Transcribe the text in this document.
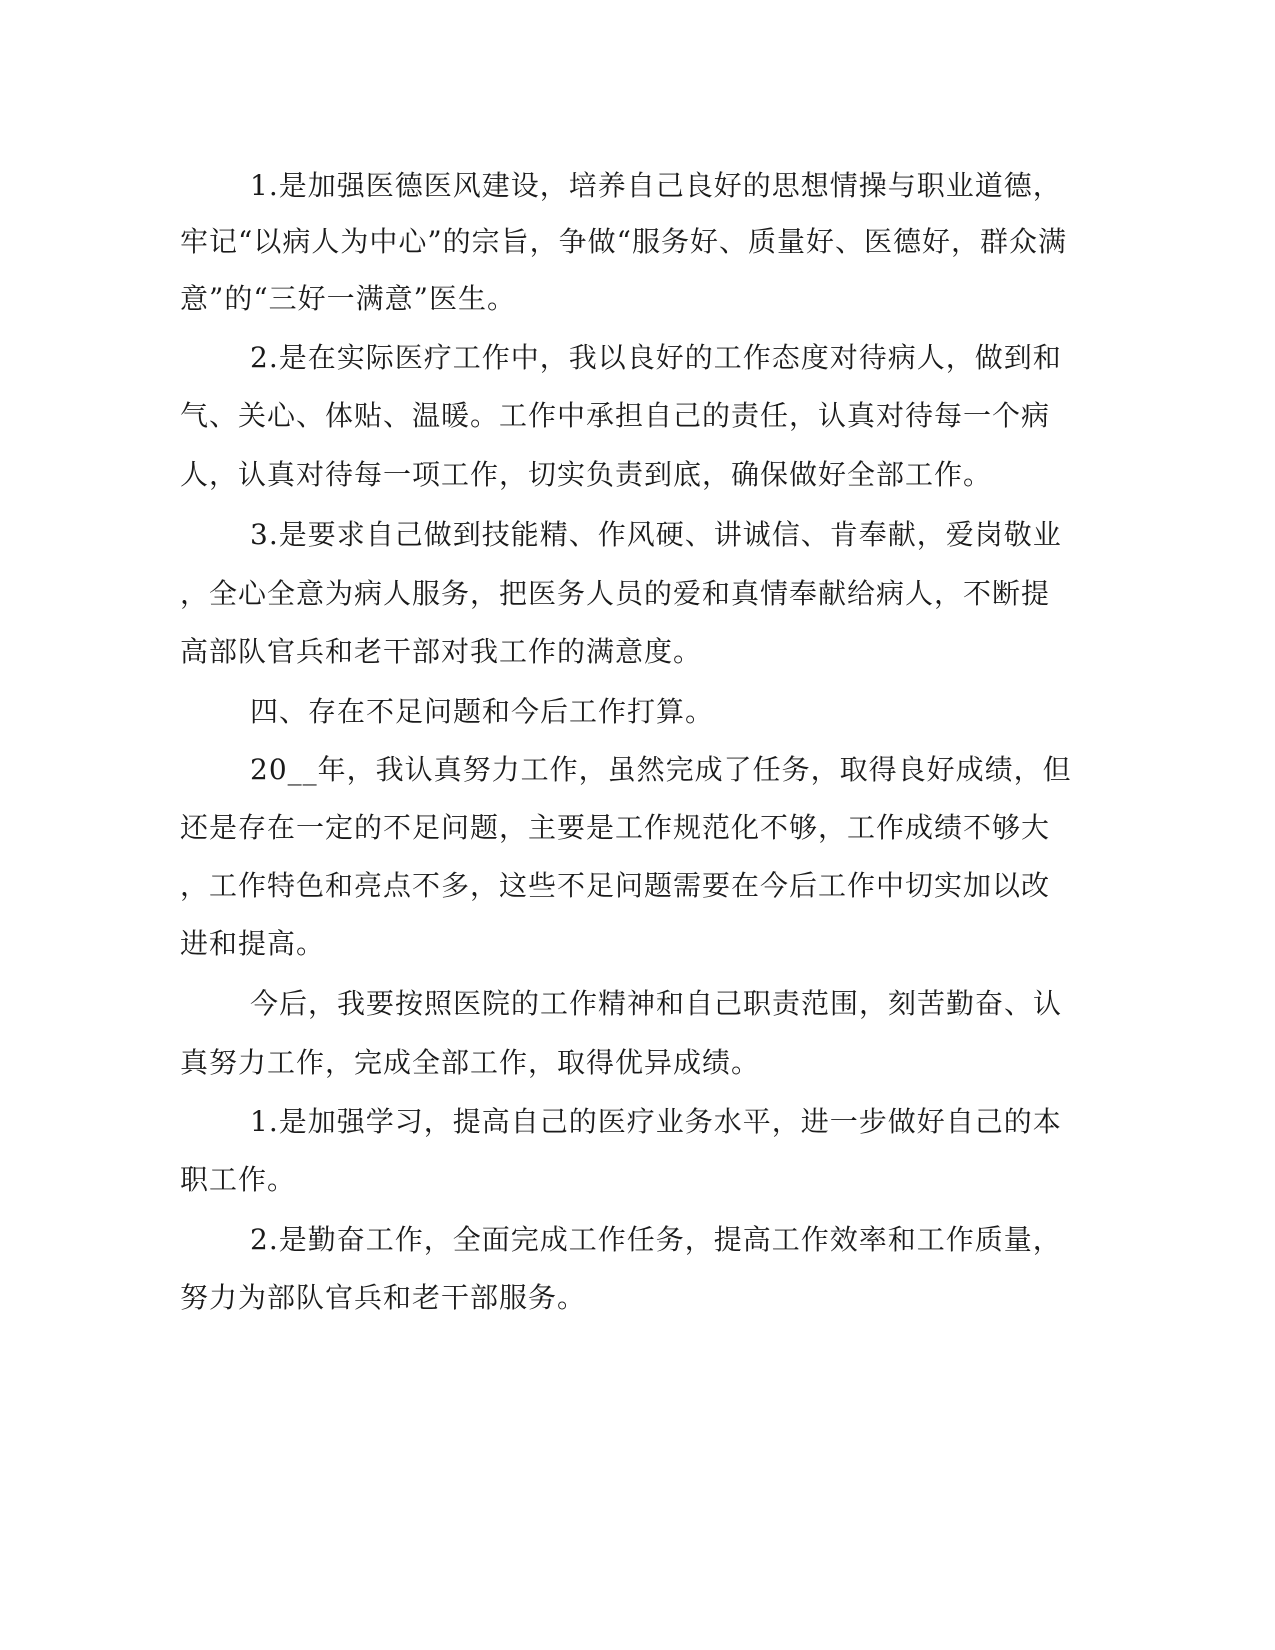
1.是加强医德医风建设，培养自己良好的思想情操与职业道德，
牢记“以病人为中心”的宗旨，争做“服务好、质量好、医德好，群众满
意”的“三好一满意”医生。
2.是在实际医疗工作中，我以良好的工作态度对待病人，做到和
气、关心、体贴、温暖。工作中承担自己的责任，认真对待每一个病
人，认真对待每一项工作，切实负责到底，确保做好全部工作。
3.是要求自己做到技能精、作风硬、讲诚信、肯奉献，爱岗敬业
，全心全意为病人服务，把医务人员的爱和真情奉献给病人，不断提
高部队官兵和老干部对我工作的满意度。
四、存在不足问题和今后工作打算。
20__年，我认真努力工作，虽然完成了任务，取得良好成绩，但
还是存在一定的不足问题，主要是工作规范化不够，工作成绩不够大
，工作特色和亮点不多，这些不足问题需要在今后工作中切实加以改
进和提高。
今后，我要按照医院的工作精神和自己职责范围，刻苦勤奋、认
真努力工作，完成全部工作，取得优异成绩。
1.是加强学习，提高自己的医疗业务水平，进一步做好自己的本
职工作。
2.是勤奋工作，全面完成工作任务，提高工作效率和工作质量，
努力为部队官兵和老干部服务。
